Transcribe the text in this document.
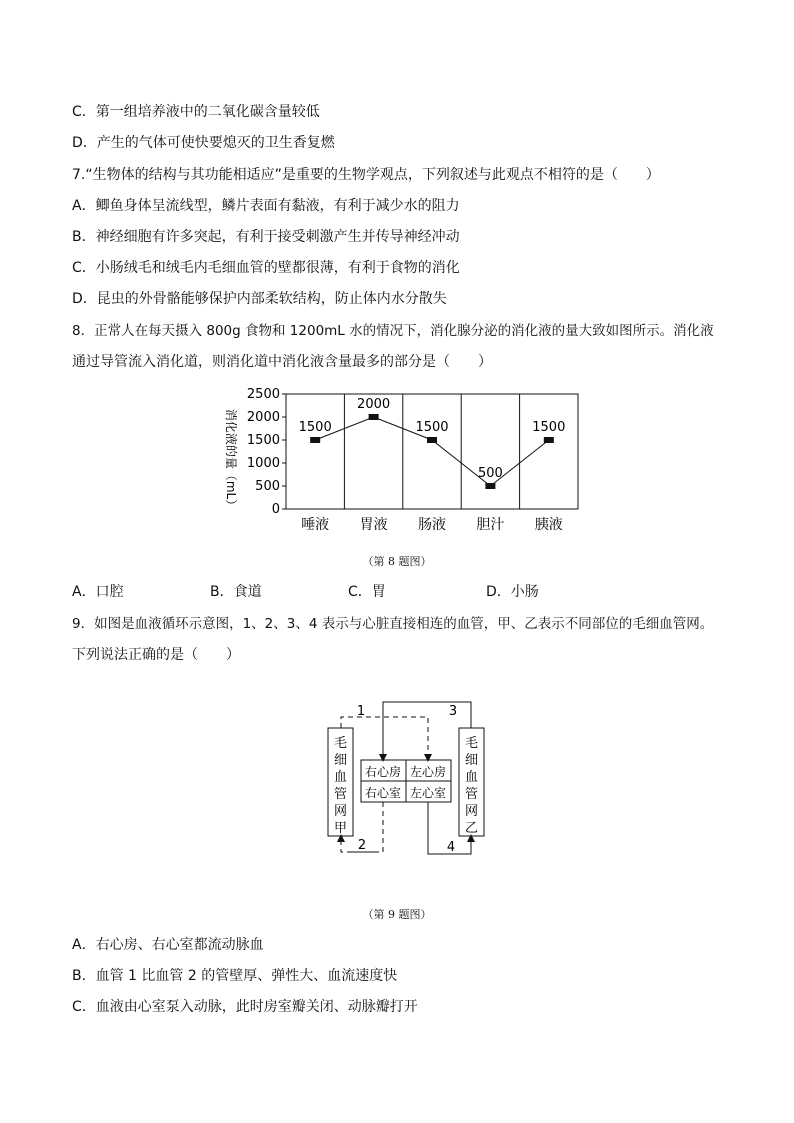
C．第一组培养液中的二氧化碳含量较低
D．产生的气体可使快要熄灭的卫生香复燃
7.“生物体的结构与其功能相适应”是重要的生物学观点，下列叙述与此观点不相符的是（　　）
A．鲫鱼身体呈流线型，鳞片表面有黏液，有利于减少水的阻力
B．神经细胞有许多突起，有利于接受刺激产生并传导神经冲动
C．小肠绒毛和绒毛内毛细血管的壁都很薄，有利于食物的消化
D．昆虫的外骨骼能够保护内部柔软结构，防止体内水分散失
8．正常人在每天摄入 800g 食物和 1200mL 水的情况下，消化腺分泌的消化液的量大致如图所示。消化液
通过导管流入消化道，则消化道中消化液含量最多的部分是（　　）
消化液的量（mL）
2500
2000
1500
1000
500
0
1500
2000
1500
500
1500
唾液 胃液 肠液 胆汁 胰液
（第 8 题图）
A．口腔	B．食道	C．胃	D．小肠
9．如图是血液循环示意图，1、2、3、4 表示与心脏直接相连的血管，甲、乙表示不同部位的毛细血管网。
下列说法正确的是（　　）
毛
细
血
管
网
甲
毛
细
血
管
网
乙
右心房 左心房
右心室 左心室
1	3
2	4
（第 9 题图）
A．右心房、右心室都流动脉血
B．血管 1 比血管 2 的管壁厚、弹性大、血流速度快
C．血液由心室泵入动脉，此时房室瓣关闭、动脉瓣打开
